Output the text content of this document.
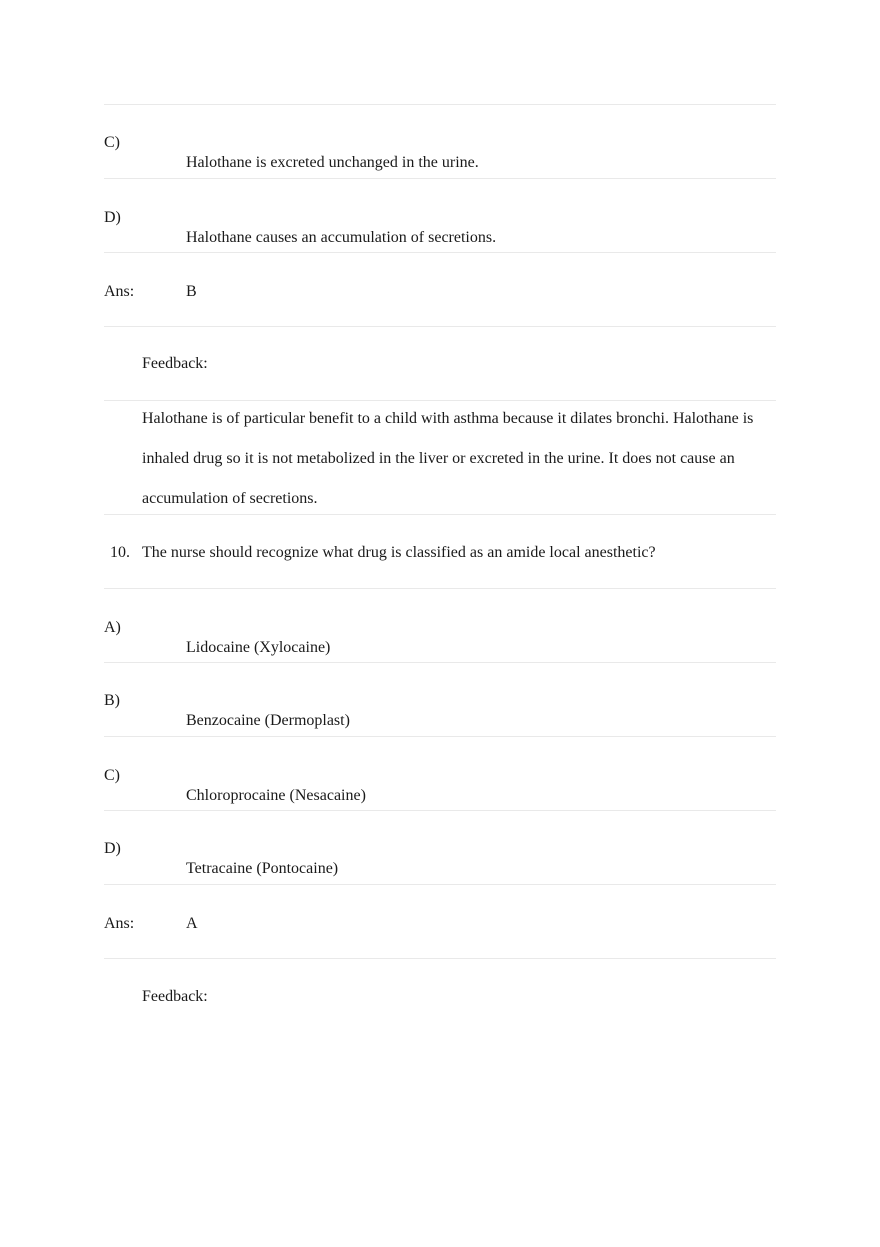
C)
Halothane is excreted unchanged in the urine.
D)
Halothane causes an accumulation of secretions.
Ans:	B
Feedback:
Halothane is of particular benefit to a child with asthma because it dilates bronchi. Halothane is inhaled drug so it is not metabolized in the liver or excreted in the urine. It does not cause an accumulation of secretions.
10. The nurse should recognize what drug is classified as an amide local anesthetic?
A)
Lidocaine (Xylocaine)
B)
Benzocaine (Dermoplast)
C)
Chloroprocaine (Nesacaine)
D)
Tetracaine (Pontocaine)
Ans:	A
Feedback:
